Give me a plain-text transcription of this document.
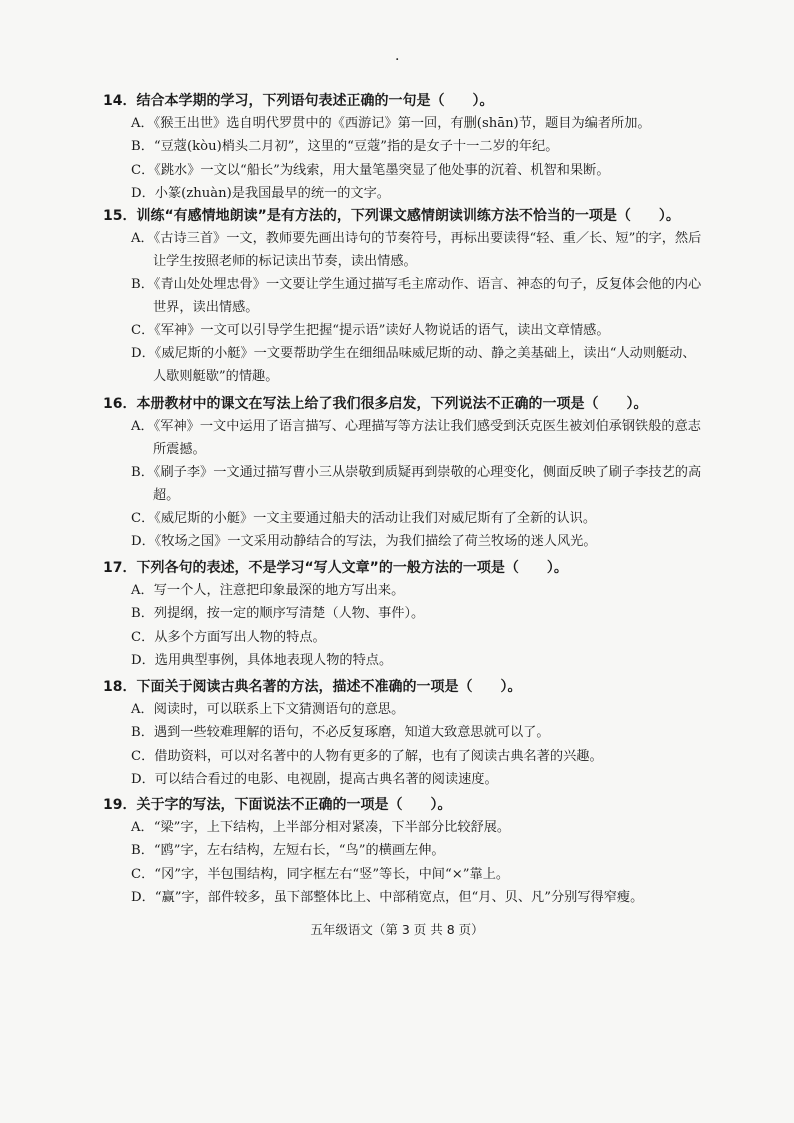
·
14．结合本学期的学习，下列语句表述正确的一句是（　　）。
A．《猴王出世》选自明代罗贯中的《西游记》第一回，有删(shān)节，题目为编者所加。
B．“豆蔻(kòu)梢头二月初”，这里的“豆蔻”指的是女子十一二岁的年纪。
C．《跳水》一文以“船长”为线索，用大量笔墨突显了他处事的沉着、机智和果断。
D．小篆(zhuàn)是我国最早的统一的文字。
15．训练“有感情地朗读”是有方法的，下列课文感情朗读训练方法不恰当的一项是（　　）。
A．《古诗三首》一文，教师要先画出诗句的节奏符号，再标出要读得“轻、重／长、短”的字，然后让学生按照老师的标记读出节奏，读出情感。
B．《青山处处埋忠骨》一文要让学生通过描写毛主席动作、语言、神态的句子，反复体会他的内心世界，读出情感。
C．《军神》一文可以引导学生把握“提示语”读好人物说话的语气，读出文章情感。
D．《威尼斯的小艇》一文要帮助学生在细细品味威尼斯的动、静之美基础上，读出“人动则艇动、人歇则艇歇”的情趣。
16．本册教材中的课文在写法上给了我们很多启发，下列说法不正确的一项是（　　）。
A．《军神》一文中运用了语言描写、心理描写等方法让我们感受到沃克医生被刘伯承钢铁般的意志所震撼。
B．《刷子李》一文通过描写曹小三从崇敬到质疑再到崇敬的心理变化，侧面反映了刷子李技艺的高超。
C．《威尼斯的小艇》一文主要通过船夫的活动让我们对威尼斯有了全新的认识。
D．《牧场之国》一文采用动静结合的写法，为我们描绘了荷兰牧场的迷人风光。
17．下列各句的表述，不是学习“写人文章”的一般方法的一项是（　　）。
A．写一个人，注意把印象最深的地方写出来。
B．列提纲，按一定的顺序写清楚（人物、事件）。
C．从多个方面写出人物的特点。
D．选用典型事例，具体地表现人物的特点。
18．下面关于阅读古典名著的方法，描述不准确的一项是（　　）。
A．阅读时，可以联系上下文猜测语句的意思。
B．遇到一些较难理解的语句，不必反复琢磨，知道大致意思就可以了。
C．借助资料，可以对名著中的人物有更多的了解，也有了阅读古典名著的兴趣。
D．可以结合看过的电影、电视剧，提高古典名著的阅读速度。
19．关于字的写法，下面说法不正确的一项是（　　）。
A．“梁”字，上下结构，上半部分相对紧凑，下半部分比较舒展。
B．“鸥”字，左右结构，左短右长，“鸟”的横画左伸。
C．“冈”字，半包围结构，同字框左右“竖”等长，中间“×”靠上。
D．“赢”字，部件较多，虽下部整体比上、中部稍宽点，但“月、贝、凡”分别写得窄瘦。
五年级语文（第 3 页 共 8 页）
